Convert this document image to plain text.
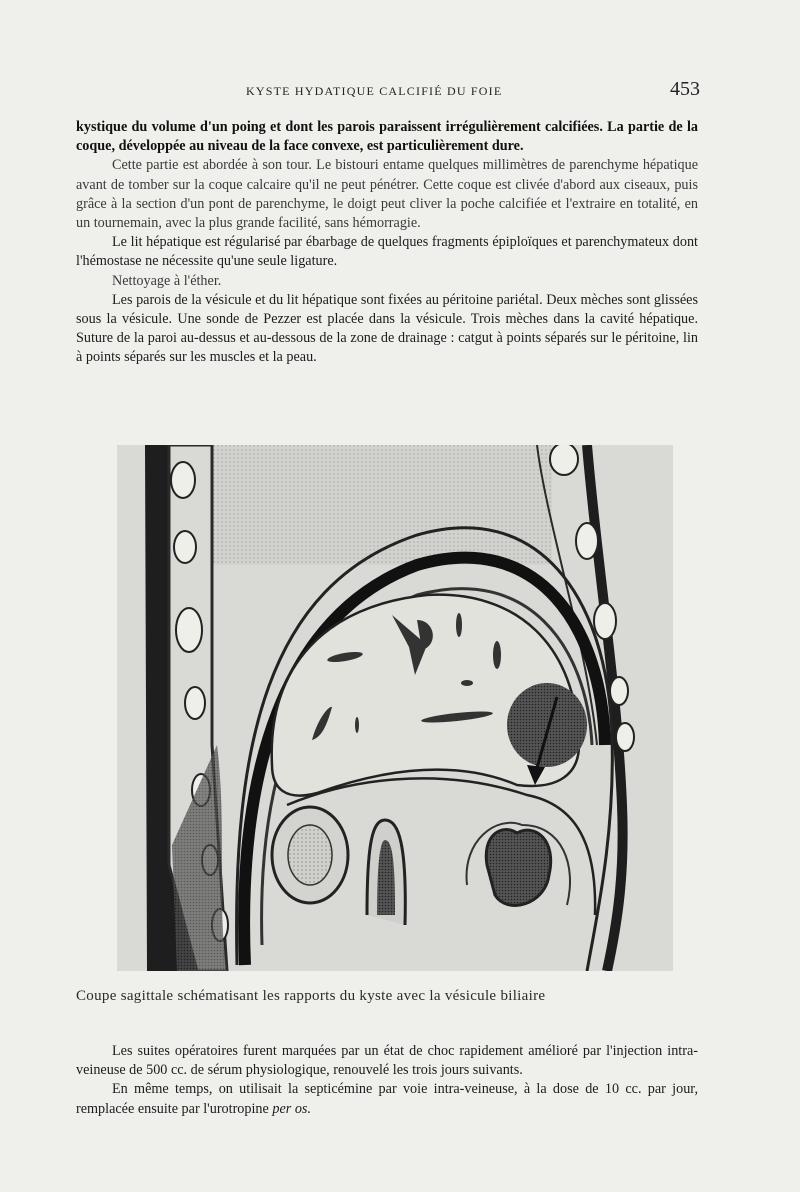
KYSTE HYDATIQUE CALCIFIÉ DU FOIE	453

kystique du volume d'un poing et dont les parois paraissent irrégulièrement calcifiées. La partie de la coque, développée au niveau de la face convexe, est particulièrement dure.

Cette partie est abordée à son tour. Le bistouri entame quelques millimètres de parenchyme hépatique avant de tomber sur la coque calcaire qu'il ne peut pénétrer. Cette coque est clivée d'abord aux ciseaux, puis grâce à la section d'un pont de parenchyme, le doigt peut cliver la poche calcifiée et l'extraire en totalité, en un tournemain, avec la plus grande facilité, sans hémorragie.

Le lit hépatique est régularisé par ébarbage de quelques fragments épiploïques et parenchymateux dont l'hémostase ne nécessite qu'une seule ligature.

Nettoyage à l'éther.

Les parois de la vésicule et du lit hépatique sont fixées au péritoine pariétal. Deux mèches sont glissées sous la vésicule. Une sonde de Pezzer est placée dans la vésicule. Trois mèches dans la cavité hépatique. Suture de la paroi au-dessus et au-dessous de la zone de drainage : catgut à points séparés sur le péritoine, lin à points séparés sur les muscles et la peau.

Coupe sagittale schématisant les rapports du kyste avec la vésicule biliaire

Les suites opératoires furent marquées par un état de choc rapidement amélioré par l'injection intra-veineuse de 500 cc. de sérum physiologique, renouvelé les trois jours suivants.

En même temps, on utilisait la septicémine par voie intra-veineuse, à la dose de 10 cc. par jour, remplacée ensuite par l'urotropine per os.
